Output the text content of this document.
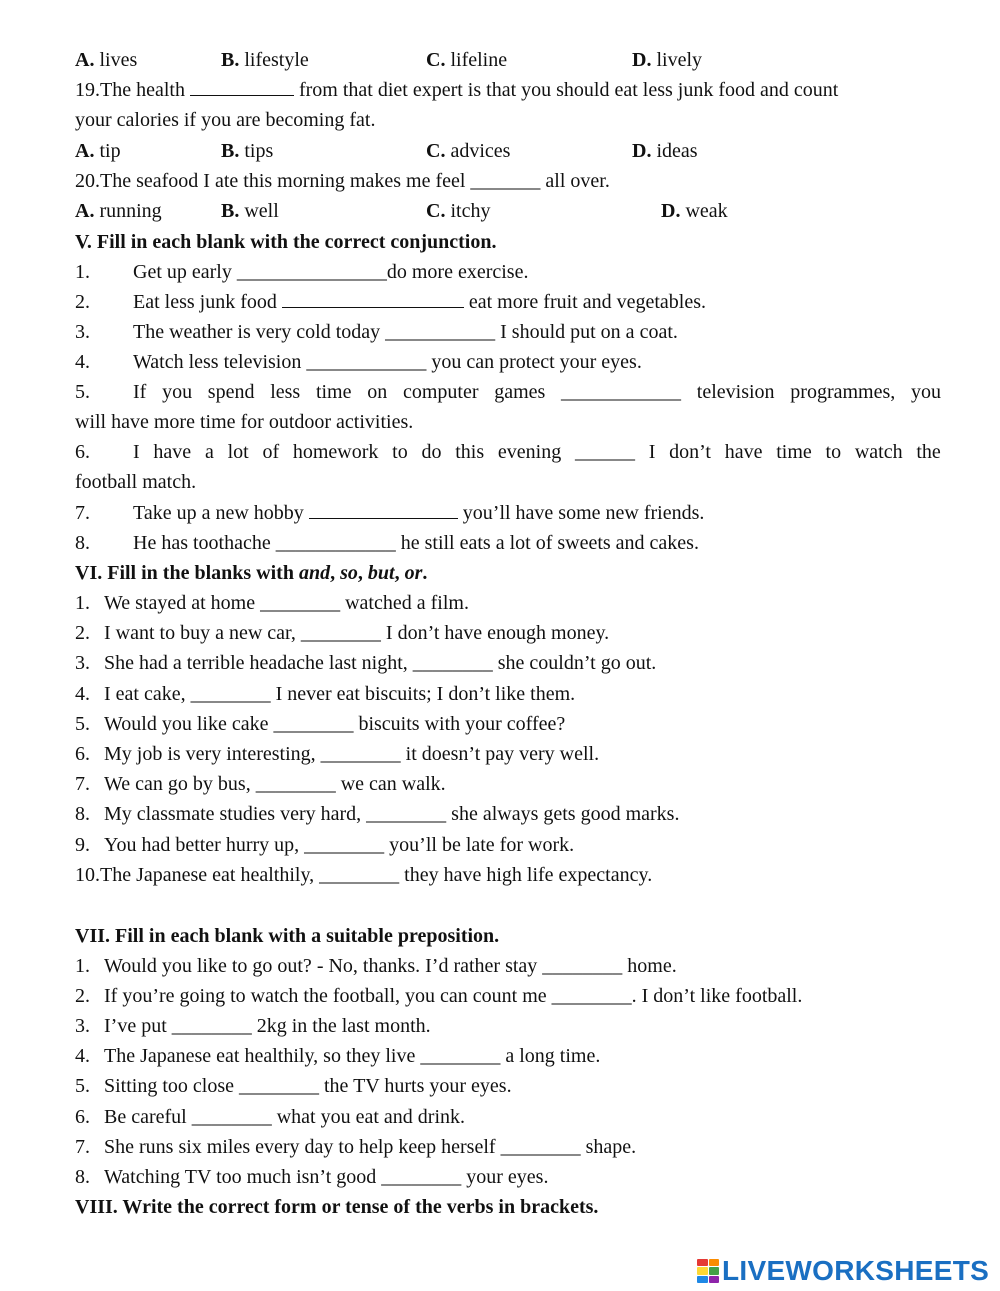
A. lives	B. lifestyle	C. lifeline	D. lively
19.The health	from that diet expert is that you should eat less junk food and count
your calories if you are becoming fat.
A. tip	B. tips	C. advices	D. ideas
20.The seafood I ate this morning makes me feel _______ all over.
A. running	B. well	C. itchy	D. weak
V. Fill in each blank with the correct conjunction.
1. Get up early _______________do more exercise.
2. Eat less junk food	eat more fruit and vegetables.
3. The weather is very cold today ___________ I should put on a coat.
4. Watch less television ____________ you can protect your eyes.
5.	If you spend less time on computer games ____________ television programmes, you
will have more time for outdoor activities.
6.	I have a lot of homework to do this evening ______ I don’t have time to watch the
football match.
7. Take up a new hobby	you’ll have some new friends.
8. He has toothache ____________ he still eats a lot of sweets and cakes.
VI. Fill in the blanks with and, so, but, or.
1. We stayed at home ________ watched a film.
2. I want to buy a new car, ________ I don’t have enough money.
3. She had a terrible headache last night, ________ she couldn’t go out.
4. I eat cake, ________ I never eat biscuits; I don’t like them.
5. Would you like cake ________ biscuits with your coffee?
6. My job is very interesting, ________ it doesn’t pay very well.
7. We can go by bus, ________ we can walk.
8. My classmate studies very hard, ________ she always gets good marks.
9. You had better hurry up, ________ you’ll be late for work.
10.The Japanese eat healthily, ________ they have high life expectancy.
VII. Fill in each blank with a suitable preposition.
1. Would you like to go out? - No, thanks. I’d rather stay ________ home.
2. If you’re going to watch the football, you can count me ________. I don’t like football.
3. I’ve put ________ 2kg in the last month.
4. The Japanese eat healthily, so they live ________ a long time.
5. Sitting too close ________ the TV hurts your eyes.
6. Be careful ________ what you eat and drink.
7. She runs six miles every day to help keep herself ________ shape.
8. Watching TV too much isn’t good ________ your eyes.
VIII. Write the correct form or tense of the verbs in brackets.
LIVEWORKSHEETS
